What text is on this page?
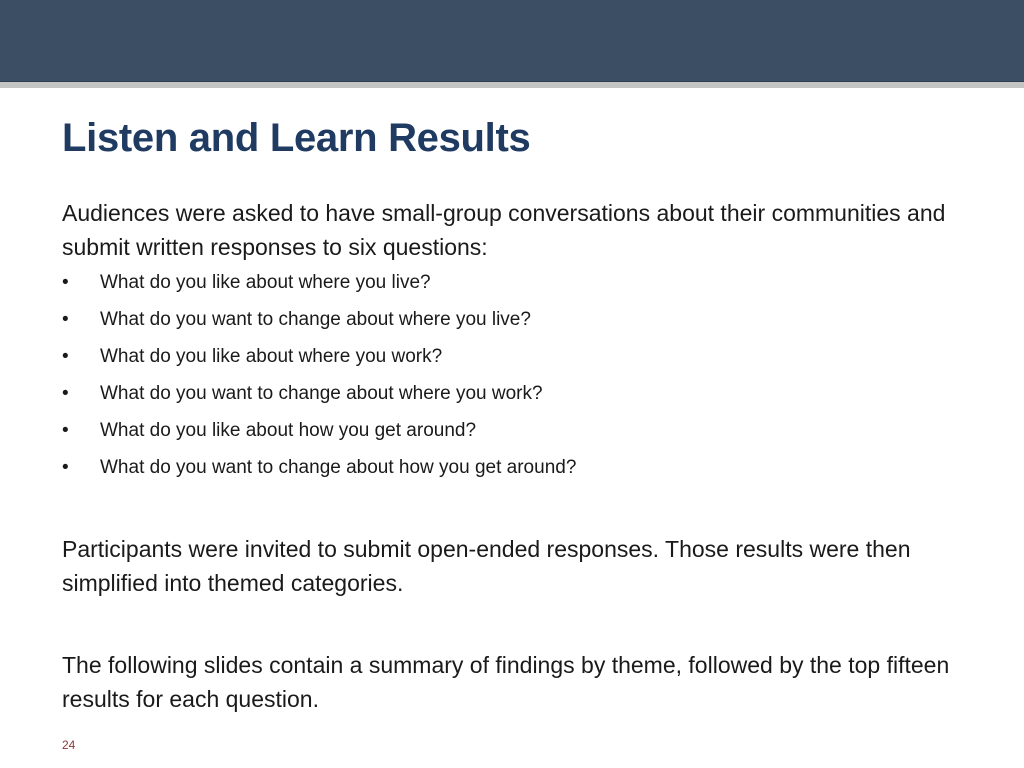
Listen and Learn Results

Audiences were asked to have small-group conversations about their communities and submit written responses to six questions:

•	What do you like about where you live?
•	What do you want to change about where you live?
•	What do you like about where you work?
•	What do you want to change about where you work?
•	What do you like about how you get around?
•	What do you want to change about how you get around?

Participants were invited to submit open-ended responses. Those results were then simplified into themed categories.

The following slides contain a summary of findings by theme, followed by the top fifteen results for each question.

24
